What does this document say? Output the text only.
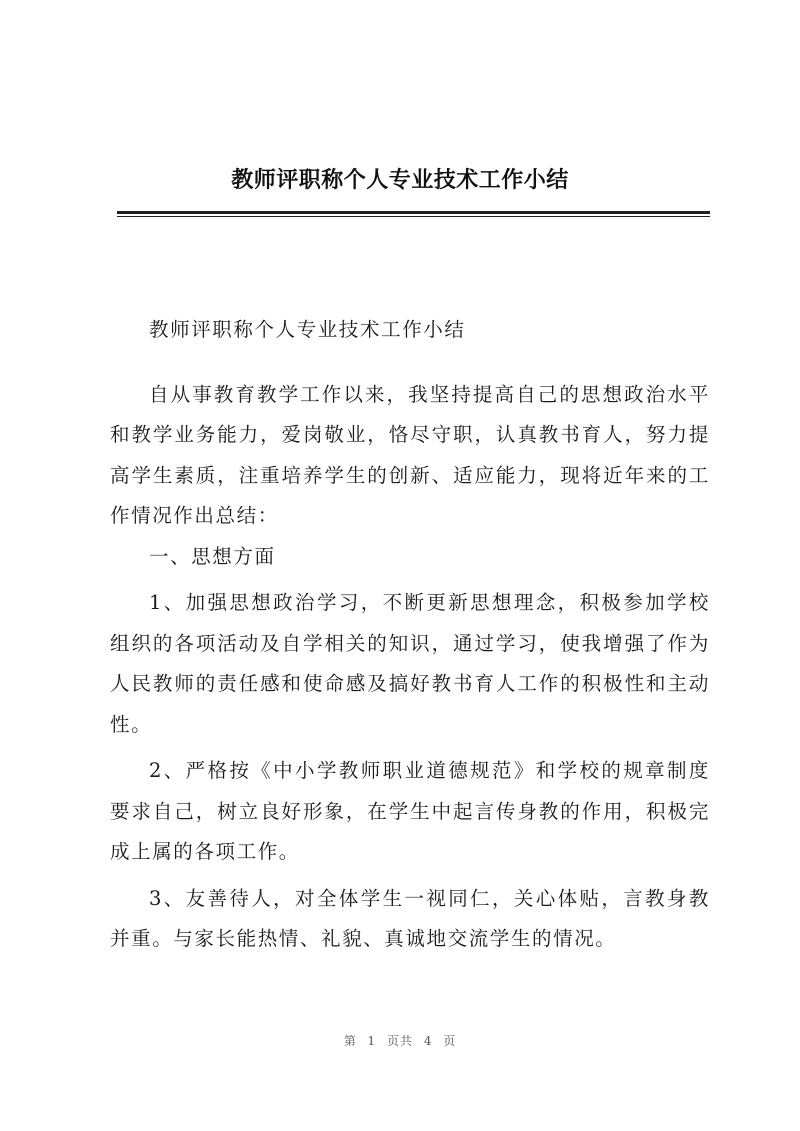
教师评职称个人专业技术工作小结

教师评职称个人专业技术工作小结

自从事教育教学工作以来，我坚持提高自己的思想政治水平和教学业务能力，爱岗敬业，恪尽守职，认真教书育人，努力提高学生素质，注重培养学生的创新、适应能力，现将近年来的工作情况作出总结：

一、思想方面

1、加强思想政治学习，不断更新思想理念，积极参加学校组织的各项活动及自学相关的知识，通过学习，使我增强了作为人民教师的责任感和使命感及搞好教书育人工作的积极性和主动性。

2、严格按《中小学教师职业道德规范》和学校的规章制度要求自己，树立良好形象，在学生中起言传身教的作用，积极完成上属的各项工作。

3、友善待人，对全体学生一视同仁，关心体贴，言教身教并重。与家长能热情、礼貌、真诚地交流学生的情况。

第 1 页共 4 页
